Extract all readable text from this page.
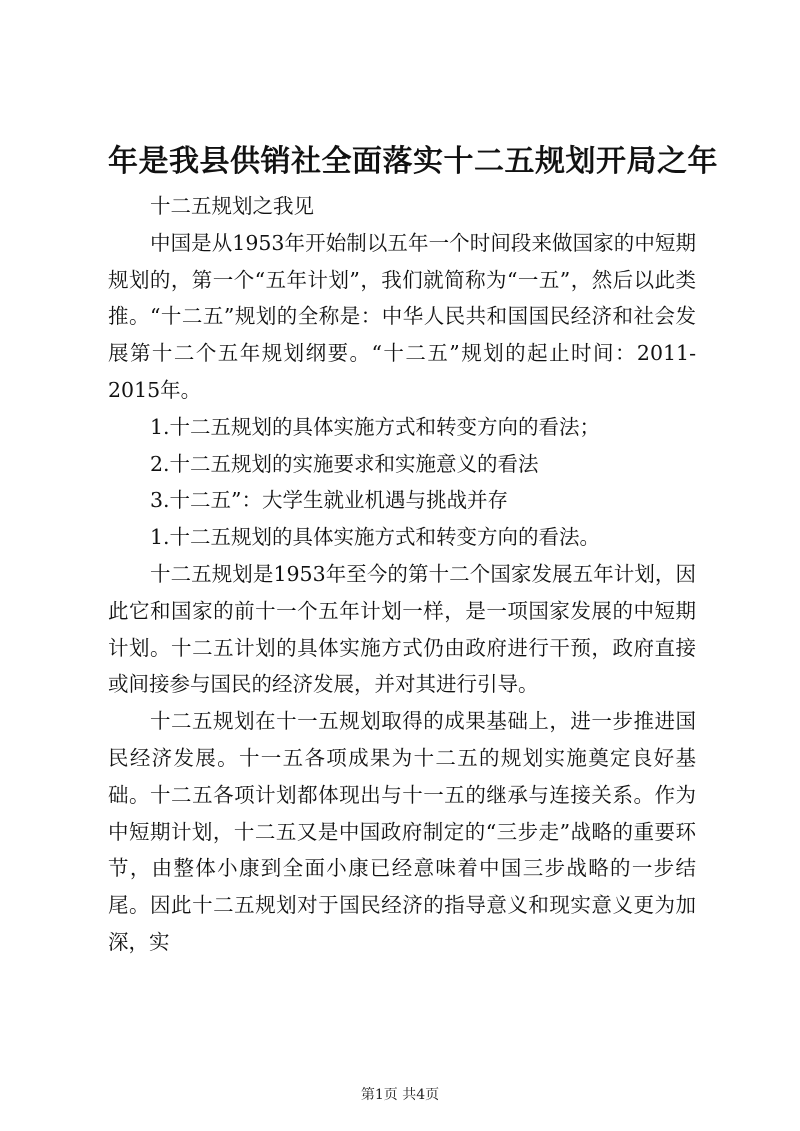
年是我县供销社全面落实十二五规划开局之年

十二五规划之我见

中国是从1953年开始制以五年一个时间段来做国家的中短期规划的，第一个“五年计划”，我们就简称为“一五”，然后以此类推。“十二五”规划的全称是：中华人民共和国国民经济和社会发展第十二个五年规划纲要。“十二五”规划的起止时间：2011-2015年。

1.十二五规划的具体实施方式和转变方向的看法；

2.十二五规划的实施要求和实施意义的看法

3.十二五”：大学生就业机遇与挑战并存

1.十二五规划的具体实施方式和转变方向的看法。

十二五规划是1953年至今的第十二个国家发展五年计划，因此它和国家的前十一个五年计划一样，是一项国家发展的中短期计划。十二五计划的具体实施方式仍由政府进行干预，政府直接或间接参与国民的经济发展，并对其进行引导。

十二五规划在十一五规划取得的成果基础上，进一步推进国民经济发展。十一五各项成果为十二五的规划实施奠定良好基础。十二五各项计划都体现出与十一五的继承与连接关系。作为中短期计划，十二五又是中国政府制定的“三步走”战略的重要环节，由整体小康到全面小康已经意味着中国三步战略的一步结尾。因此十二五规划对于国民经济的指导意义和现实意义更为加深，实

第1页 共4页
